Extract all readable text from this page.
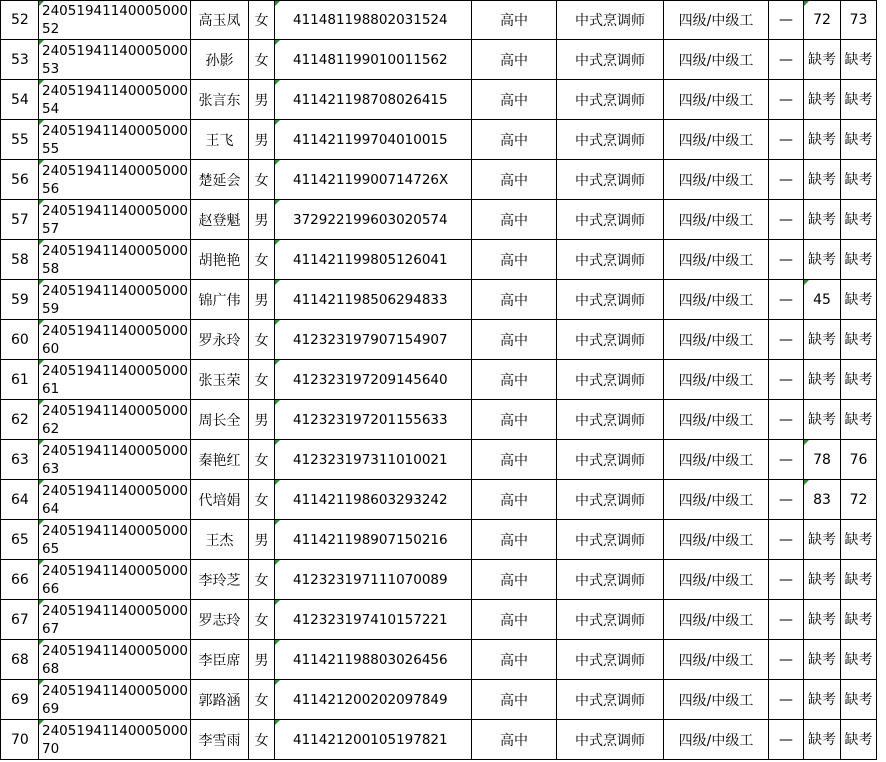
52	2405194114000500052	高玉凤	女	411481198802031524	高中	中式烹调师	四级/中级工	—	72	73
53	2405194114000500053	孙影	女	411481199010011562	高中	中式烹调师	四级/中级工	—	缺考	缺考
54	2405194114000500054	张言东	男	411421198708026415	高中	中式烹调师	四级/中级工	—	缺考	缺考
55	2405194114000500055	王飞	男	411421199704010015	高中	中式烹调师	四级/中级工	—	缺考	缺考
56	2405194114000500056	楚延会	女	41142119900714726X	高中	中式烹调师	四级/中级工	—	缺考	缺考
57	2405194114000500057	赵登魁	男	372922199603020574	高中	中式烹调师	四级/中级工	—	缺考	缺考
58	2405194114000500058	胡艳艳	女	411421199805126041	高中	中式烹调师	四级/中级工	—	缺考	缺考
59	2405194114000500059	锦广伟	男	411421198506294833	高中	中式烹调师	四级/中级工	—	45	缺考
60	2405194114000500060	罗永玲	女	412323197907154907	高中	中式烹调师	四级/中级工	—	缺考	缺考
61	2405194114000500061	张玉荣	女	412323197209145640	高中	中式烹调师	四级/中级工	—	缺考	缺考
62	2405194114000500062	周长全	男	412323197201155633	高中	中式烹调师	四级/中级工	—	缺考	缺考
63	2405194114000500063	秦艳红	女	412323197311010021	高中	中式烹调师	四级/中级工	—	78	76
64	2405194114000500064	代培娟	女	411421198603293242	高中	中式烹调师	四级/中级工	—	83	72
65	2405194114000500065	王杰	男	411421198907150216	高中	中式烹调师	四级/中级工	—	缺考	缺考
66	2405194114000500066	李玲芝	女	412323197111070089	高中	中式烹调师	四级/中级工	—	缺考	缺考
67	2405194114000500067	罗志玲	女	412323197410157221	高中	中式烹调师	四级/中级工	—	缺考	缺考
68	2405194114000500068	李臣席	男	411421198803026456	高中	中式烹调师	四级/中级工	—	缺考	缺考
69	2405194114000500069	郭路涵	女	411421200202097849	高中	中式烹调师	四级/中级工	—	缺考	缺考
70	2405194114000500070	李雪雨	女	411421200105197821	高中	中式烹调师	四级/中级工	—	缺考	缺考
